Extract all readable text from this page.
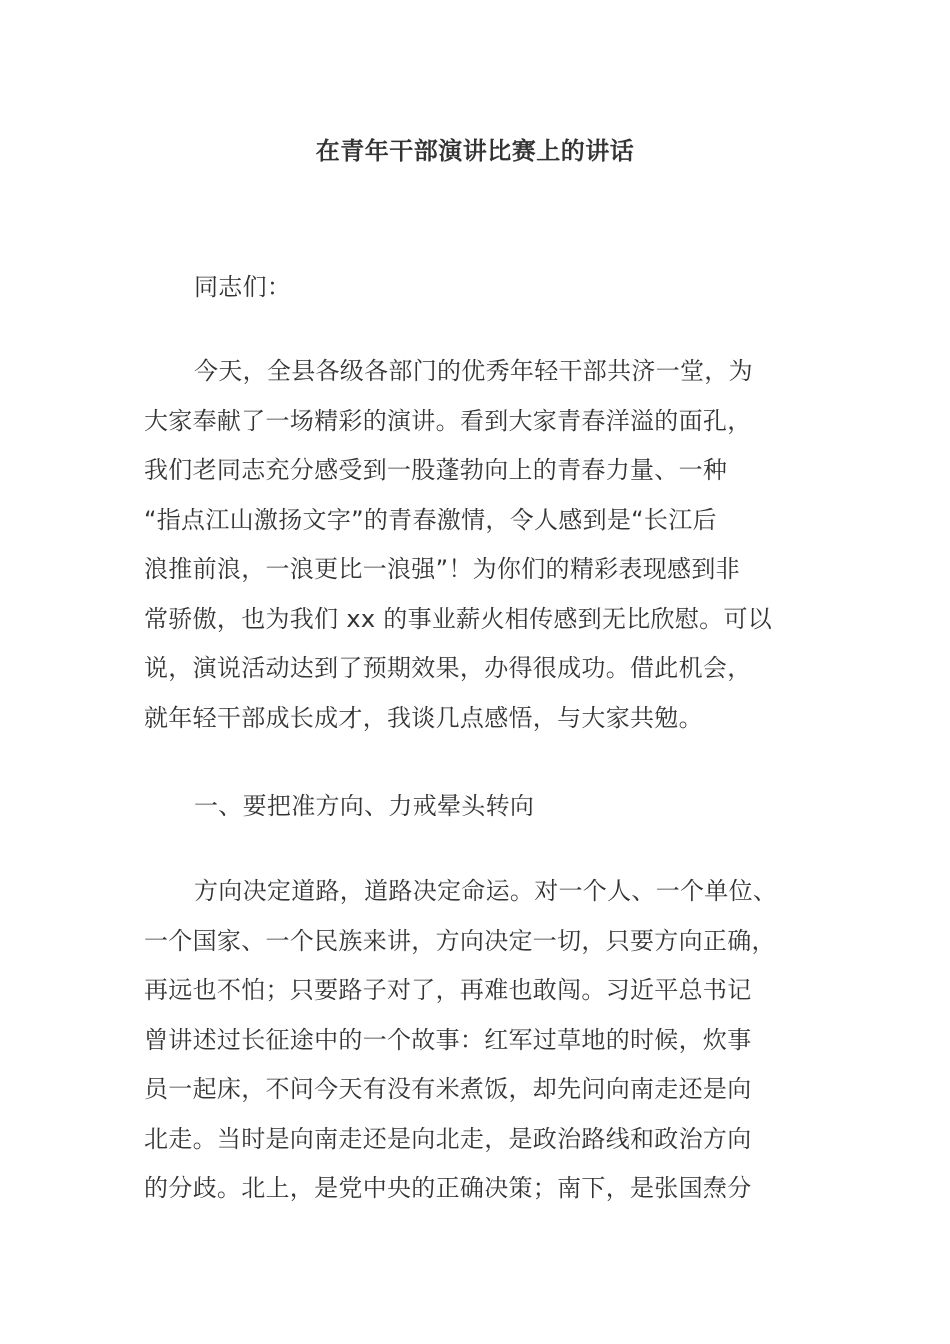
在青年干部演讲比赛上的讲话
同志们：
今天，全县各级各部门的优秀年轻干部共济一堂，为
大家奉献了一场精彩的演讲。看到大家青春洋溢的面孔，
我们老同志充分感受到一股蓬勃向上的青春力量、一种
“指点江山激扬文字”的青春激情，令人感到是“长江后
浪推前浪，一浪更比一浪强”！为你们的精彩表现感到非
常骄傲，也为我们 xx 的事业薪火相传感到无比欣慰。可以
说，演说活动达到了预期效果，办得很成功。借此机会，
就年轻干部成长成才，我谈几点感悟，与大家共勉。
一、要把准方向、力戒晕头转向
方向决定道路，道路决定命运。对一个人、一个单位、
一个国家、一个民族来讲，方向决定一切，只要方向正确，
再远也不怕；只要路子对了，再难也敢闯。习近平总书记
曾讲述过长征途中的一个故事：红军过草地的时候，炊事
员一起床，不问今天有没有米煮饭，却先问向南走还是向
北走。当时是向南走还是向北走，是政治路线和政治方向
的分歧。北上，是党中央的正确决策；南下，是张国焘分
